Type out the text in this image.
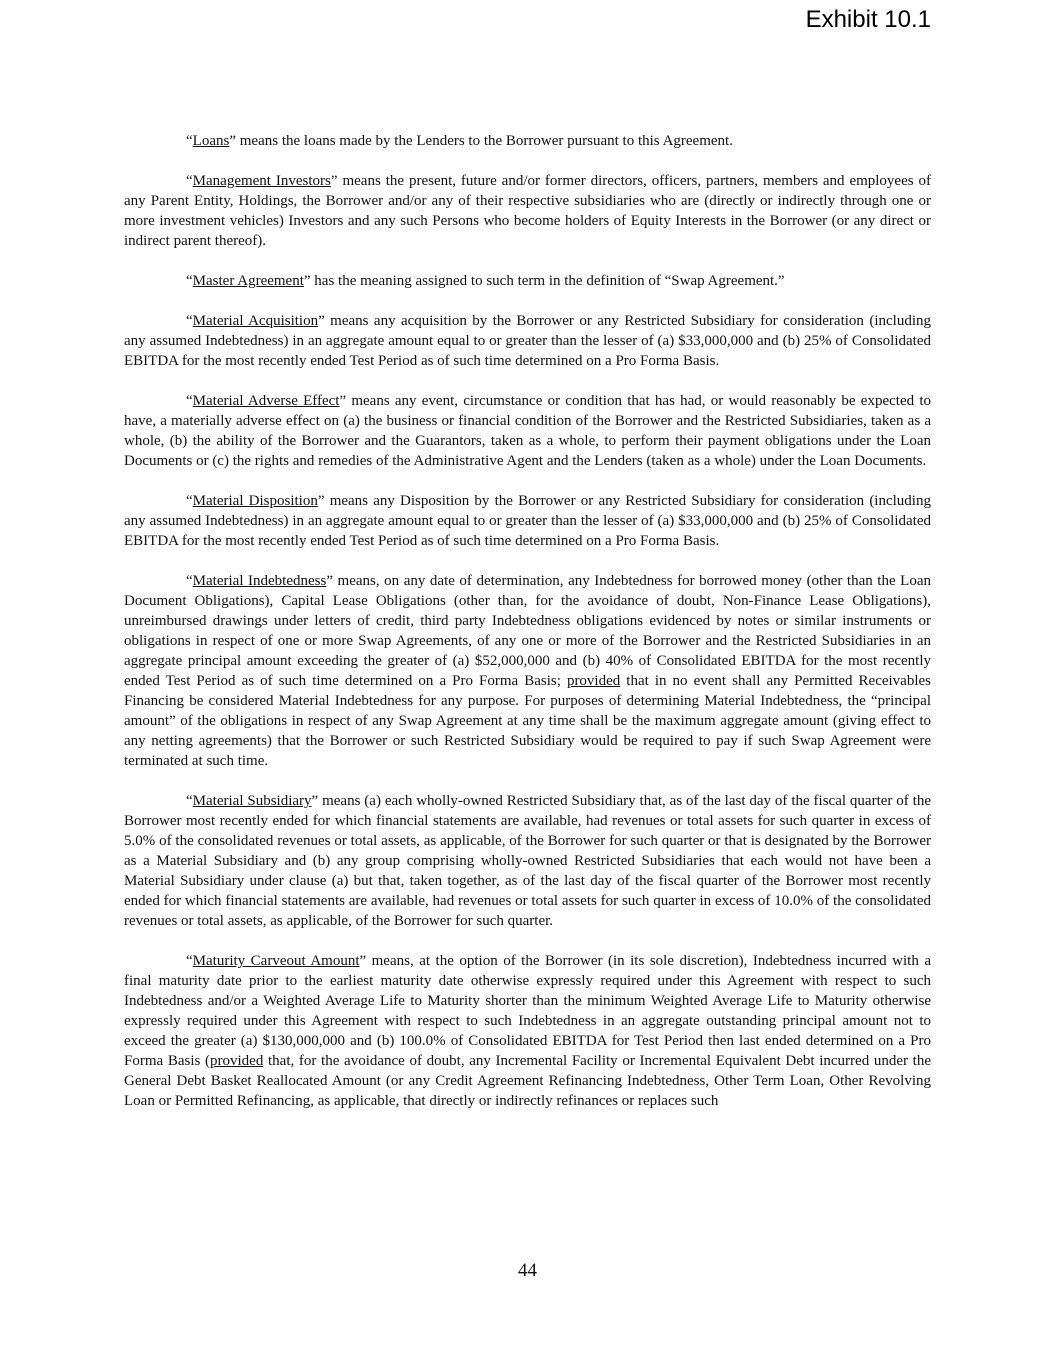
Exhibit 10.1

“Loans” means the loans made by the Lenders to the Borrower pursuant to this Agreement.

“Management Investors” means the present, future and/or former directors, officers, partners, members and employees of any Parent Entity, Holdings, the Borrower and/or any of their respective subsidiaries who are (directly or indirectly through one or more investment vehicles) Investors and any such Persons who become holders of Equity Interests in the Borrower (or any direct or indirect parent thereof).

“Master Agreement” has the meaning assigned to such term in the definition of “Swap Agreement.”

“Material Acquisition” means any acquisition by the Borrower or any Restricted Subsidiary for consideration (including any assumed Indebtedness) in an aggregate amount equal to or greater than the lesser of (a) $33,000,000 and (b) 25% of Consolidated EBITDA for the most recently ended Test Period as of such time determined on a Pro Forma Basis.

“Material Adverse Effect” means any event, circumstance or condition that has had, or would reasonably be expected to have, a materially adverse effect on (a) the business or financial condition of the Borrower and the Restricted Subsidiaries, taken as a whole, (b) the ability of the Borrower and the Guarantors, taken as a whole, to perform their payment obligations under the Loan Documents or (c) the rights and remedies of the Administrative Agent and the Lenders (taken as a whole) under the Loan Documents.

“Material Disposition” means any Disposition by the Borrower or any Restricted Subsidiary for consideration (including any assumed Indebtedness) in an aggregate amount equal to or greater than the lesser of (a) $33,000,000 and (b) 25% of Consolidated EBITDA for the most recently ended Test Period as of such time determined on a Pro Forma Basis.

“Material Indebtedness” means, on any date of determination, any Indebtedness for borrowed money (other than the Loan Document Obligations), Capital Lease Obligations (other than, for the avoidance of doubt, Non-Finance Lease Obligations), unreimbursed drawings under letters of credit, third party Indebtedness obligations evidenced by notes or similar instruments or obligations in respect of one or more Swap Agreements, of any one or more of the Borrower and the Restricted Subsidiaries in an aggregate principal amount exceeding the greater of (a) $52,000,000 and (b) 40% of Consolidated EBITDA for the most recently ended Test Period as of such time determined on a Pro Forma Basis; provided that in no event shall any Permitted Receivables Financing be considered Material Indebtedness for any purpose. For purposes of determining Material Indebtedness, the “principal amount” of the obligations in respect of any Swap Agreement at any time shall be the maximum aggregate amount (giving effect to any netting agreements) that the Borrower or such Restricted Subsidiary would be required to pay if such Swap Agreement were terminated at such time.

“Material Subsidiary” means (a) each wholly-owned Restricted Subsidiary that, as of the last day of the fiscal quarter of the Borrower most recently ended for which financial statements are available, had revenues or total assets for such quarter in excess of 5.0% of the consolidated revenues or total assets, as applicable, of the Borrower for such quarter or that is designated by the Borrower as a Material Subsidiary and (b) any group comprising wholly-owned Restricted Subsidiaries that each would not have been a Material Subsidiary under clause (a) but that, taken together, as of the last day of the fiscal quarter of the Borrower most recently ended for which financial statements are available, had revenues or total assets for such quarter in excess of 10.0% of the consolidated revenues or total assets, as applicable, of the Borrower for such quarter.

“Maturity Carveout Amount” means, at the option of the Borrower (in its sole discretion), Indebtedness incurred with a final maturity date prior to the earliest maturity date otherwise expressly required under this Agreement with respect to such Indebtedness and/or a Weighted Average Life to Maturity shorter than the minimum Weighted Average Life to Maturity otherwise expressly required under this Agreement with respect to such Indebtedness in an aggregate outstanding principal amount not to exceed the greater (a) $130,000,000 and (b) 100.0% of Consolidated EBITDA for Test Period then last ended determined on a Pro Forma Basis (provided that, for the avoidance of doubt, any Incremental Facility or Incremental Equivalent Debt incurred under the General Debt Basket Reallocated Amount (or any Credit Agreement Refinancing Indebtedness, Other Term Loan, Other Revolving Loan or Permitted Refinancing, as applicable, that directly or indirectly refinances or replaces such

44
